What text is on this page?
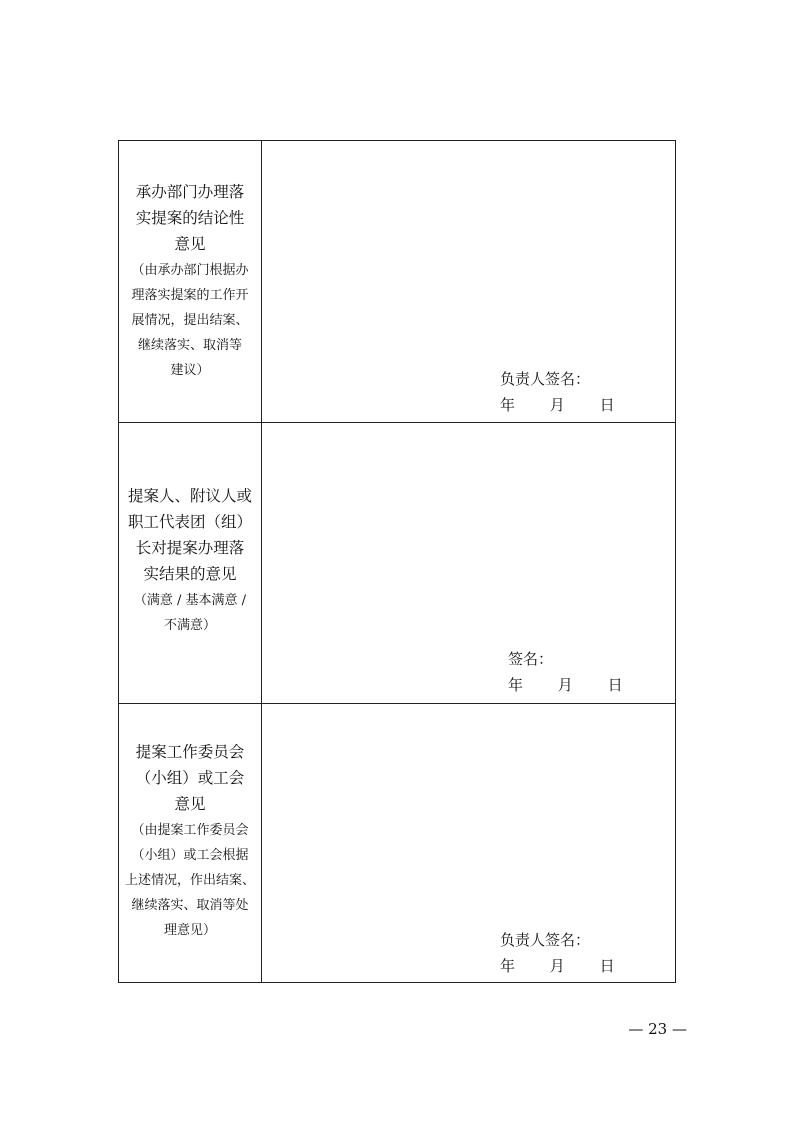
承办部门办理落
实提案的结论性
意见
（由承办部门根据办
理落实提案的工作开
展情况，提出结案、
继续落实、取消等
建议）	负责人签名：
年 月 日
提案人、附议人或
职工代表团（组）
长对提案办理落
实结果的意见
（满意 / 基本满意 /
不满意）
签名：
年 月 日
提案工作委员会
（小组）或工会
意见
（由提案工作委员会
（小组）或工会根据
上述情况，作出结案、
继续落实、取消等处
理意见）
负责人签名：
年 月 日
— 23 —
